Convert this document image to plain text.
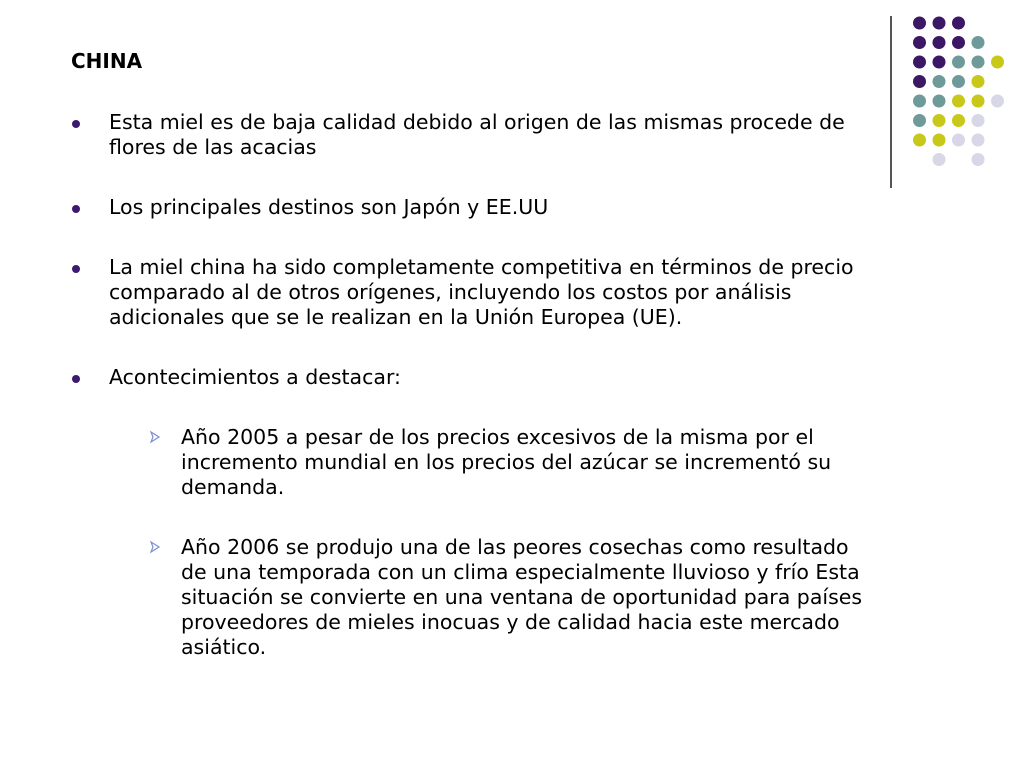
CHINA
Esta miel es de baja calidad debido al origen de las mismas procede de flores de las acacias
Los principales destinos son Japón y EE.UU
La miel china ha sido completamente competitiva en términos de precio comparado al de otros orígenes, incluyendo los costos por análisis adicionales que se le realizan en la Unión Europea (UE).
Acontecimientos a destacar:
Año 2005 a pesar de los precios excesivos de la misma por el incremento mundial en los precios del azúcar se incrementó su demanda.
Año 2006 se produjo una de las peores cosechas como resultado de una temporada con un clima especialmente lluvioso y frío Esta situación se convierte en una ventana de oportunidad para países proveedores de mieles inocuas y de calidad hacia este mercado asiático.
